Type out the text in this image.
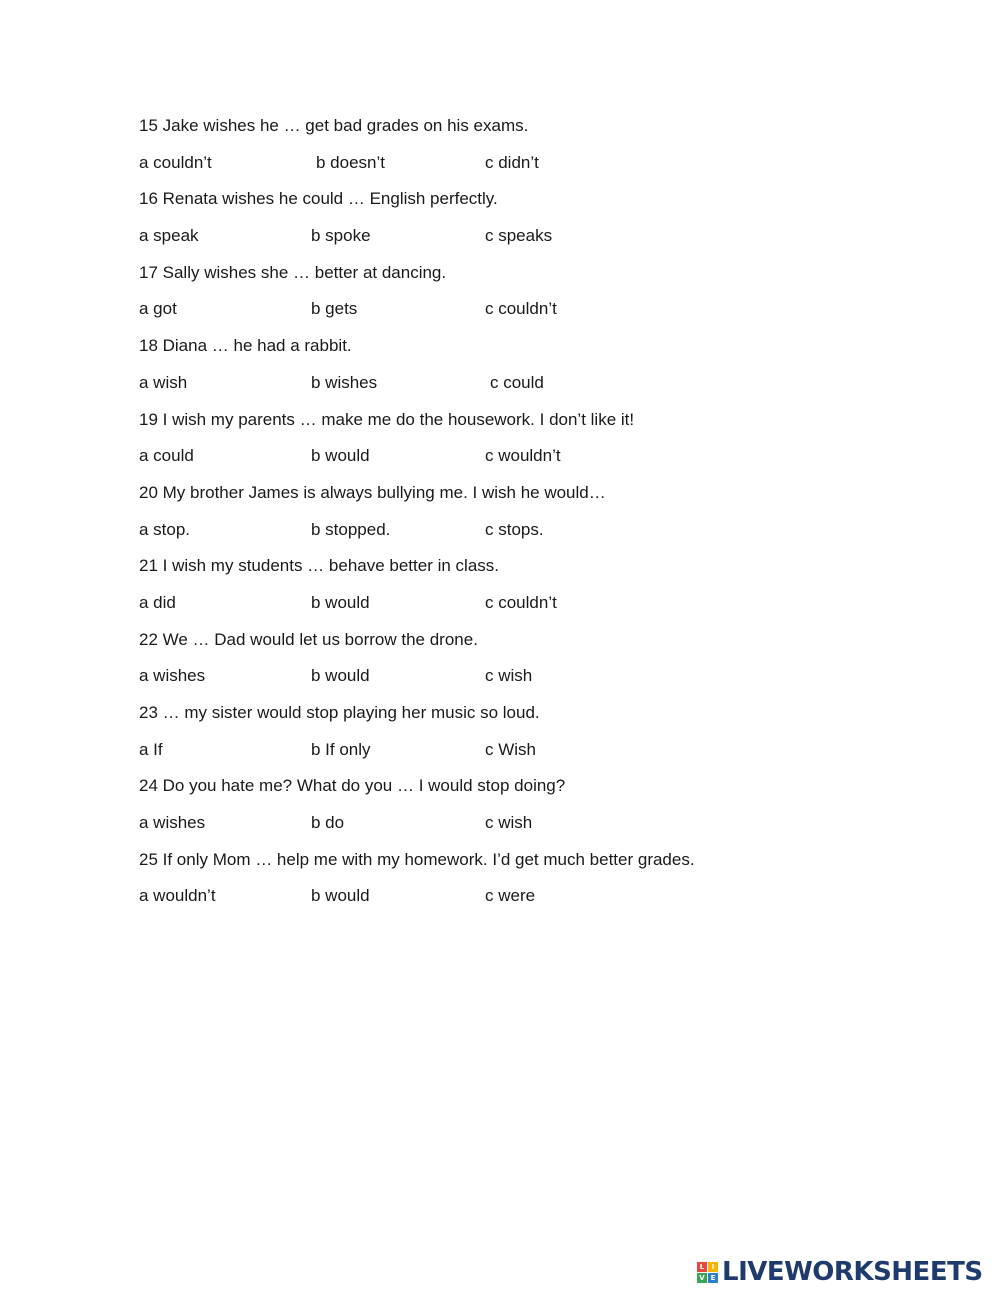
15 Jake wishes he … get bad grades on his exams.
a couldn’t	b doesn’t	c didn’t
16 Renata wishes he could … English perfectly.
a speak	b spoke	c speaks
17 Sally wishes she … better at dancing.
a got	b gets	c couldn’t
18 Diana … he had a rabbit.
a wish	b wishes	c could
19 I wish my parents … make me do the housework. I don’t like it!
a could	b would	c wouldn’t
20 My brother James is always bullying me. I wish he would…
a stop.	b stopped.	c stops.
21 I wish my students … behave better in class.
a did	b would	c couldn’t
22 We … Dad would let us borrow the drone.
a wishes	b would	c wish
23 … my sister would stop playing her music so loud.
a If	b If only	c Wish
24 Do you hate me? What do you … I would stop doing?
a wishes	b do	c wish
25 If only Mom … help me with my homework. I’d get much better grades.
a wouldn’t	b would	c were
L	I
V E LIVEWORKSHEETS
